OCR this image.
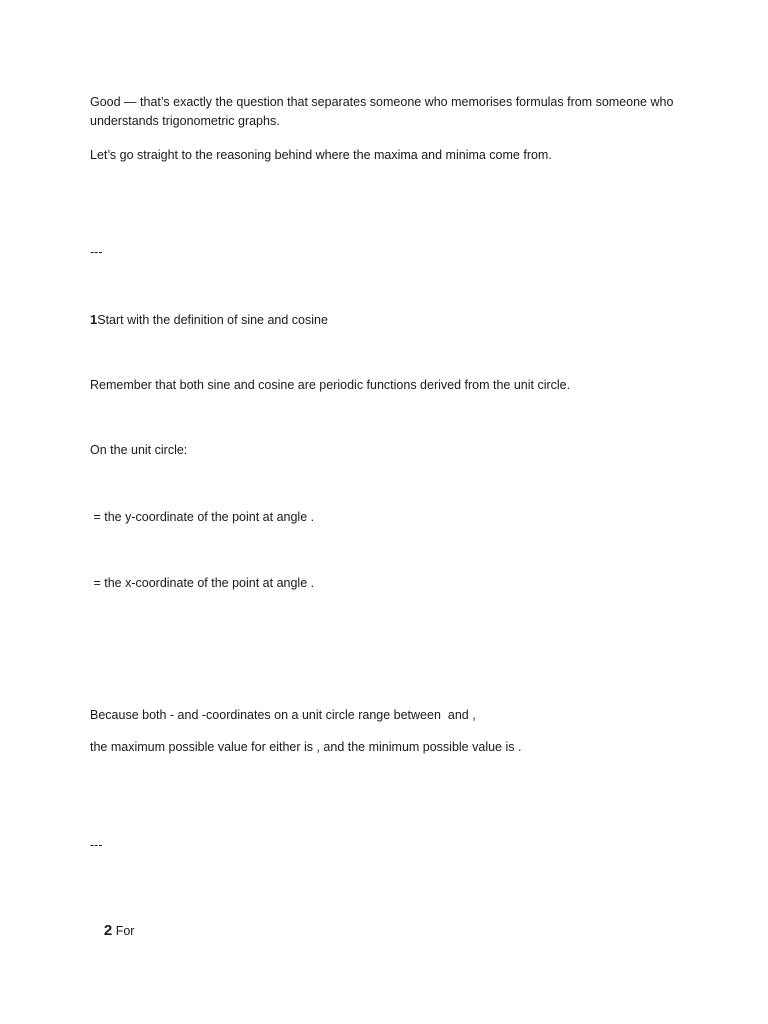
Good — that’s exactly the question that separates someone who memorises formulas from someone who understands trigonometric graphs.
Let’s go straight to the reasoning behind where the maxima and minima come from.
---
1Start with the definition of sine and cosine
Remember that both sine and cosine are periodic functions derived from the unit circle.
On the unit circle:
= the y-coordinate of the point at angle .
= the x-coordinate of the point at angle .
Because both - and -coordinates on a unit circle range between  and ,
the maximum possible value for either is , and the minimum possible value is .
---

2 For
